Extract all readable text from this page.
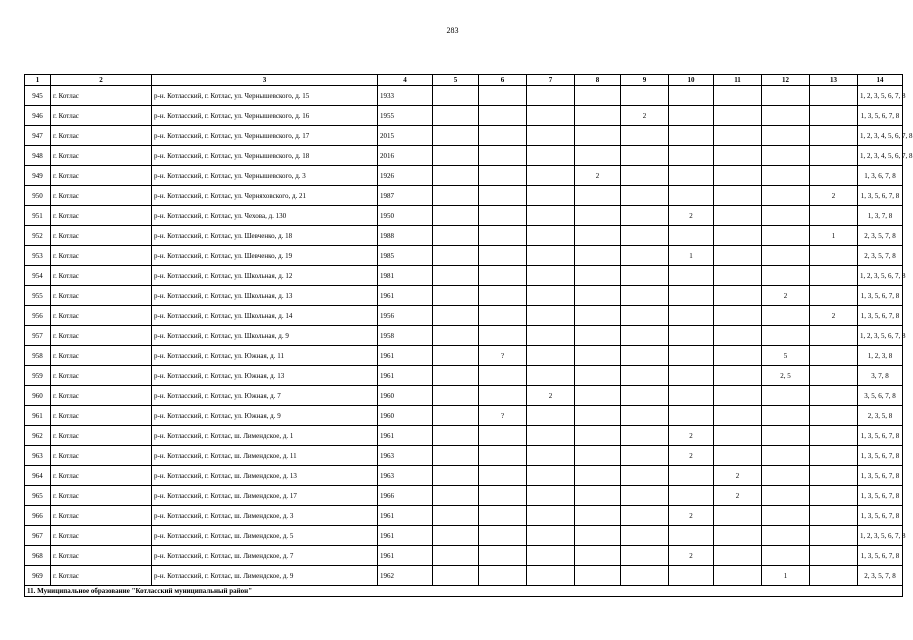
283
1	2	3	4	5	6	7	8	9	10	11	12	13	14
945	г. Котлас	р-н. Котласский, г. Котлас, ул. Чернышевского, д. 15	1933										1, 2, 3, 5, 6, 7, 8
946	г. Котлас	р-н. Котласский, г. Котлас, ул. Чернышевского, д. 16	1955					2					1, 3, 5, 6, 7, 8
947	г. Котлас	р-н. Котласский, г. Котлас, ул. Чернышевского, д. 17	2015										1, 2, 3, 4, 5, 6, 7, 8
948	г. Котлас	р-н. Котласский, г. Котлас, ул. Чернышевского, д. 18	2016										1, 2, 3, 4, 5, 6, 7, 8
949	г. Котлас	р-н. Котласский, г. Котлас, ул. Чернышевского, д. 3	1926				2						1, 3, 6, 7, 8
950	г. Котлас	р-н. Котласский, г. Котлас, ул. Черняховского, д. 21	1987									2	1, 3, 5, 6, 7, 8
951	г. Котлас	р-н. Котласский, г. Котлас, ул. Чехова, д. 130	1950						2				1, 3, 7, 8
952	г. Котлас	р-н. Котласский, г. Котлас, ул. Шевченко, д. 18	1988									1	2, 3, 5, 7, 8
953	г. Котлас	р-н. Котласский, г. Котлас, ул. Шевченко, д. 19	1985						1				2, 3, 5, 7, 8
954	г. Котлас	р-н. Котласский, г. Котлас, ул. Школьная, д. 12	1981										1, 2, 3, 5, 6, 7, 8
955	г. Котлас	р-н. Котласский, г. Котлас, ул. Школьная, д. 13	1961								2		1, 3, 5, 6, 7, 8
956	г. Котлас	р-н. Котласский, г. Котлас, ул. Школьная, д. 14	1956									2	1, 3, 5, 6, 7, 8
957	г. Котлас	р-н. Котласский, г. Котлас, ул. Школьная, д. 9	1958										1, 2, 3, 5, 6, 7, 8
958	г. Котлас	р-н. Котласский, г. Котлас, ул. Южная, д. 11	1961		?						5		1, 2, 3, 8
959	г. Котлас	р-н. Котласский, г. Котлас, ул. Южная, д. 13	1961								2, 5		3, 7, 8
960	г. Котлас	р-н. Котласский, г. Котлас, ул. Южная, д. 7	1960			2							3, 5, 6, 7, 8
961	г. Котлас	р-н. Котласский, г. Котлас, ул. Южная, д. 9	1960		?								2, 3, 5, 8
962	г. Котлас	р-н. Котласский, г. Котлас, ш. Лимендское, д. 1	1961						2				1, 3, 5, 6, 7, 8
963	г. Котлас	р-н. Котласский, г. Котлас, ш. Лимендское, д. 11	1963						2				1, 3, 5, 6, 7, 8
964	г. Котлас	р-н. Котласский, г. Котлас, ш. Лимендское, д. 13	1963							2			1, 3, 5, 6, 7, 8
965	г. Котлас	р-н. Котласский, г. Котлас, ш. Лимендское, д. 17	1966							2			1, 3, 5, 6, 7, 8
966	г. Котлас	р-н. Котласский, г. Котлас, ш. Лимендское, д. 3	1961						2				1, 3, 5, 6, 7, 8
967	г. Котлас	р-н. Котласский, г. Котлас, ш. Лимендское, д. 5	1961										1, 2, 3, 5, 6, 7, 8
968	г. Котлас	р-н. Котласский, г. Котлас, ш. Лимендское, д. 7	1961						2				1, 3, 5, 6, 7, 8
969	г. Котлас	р-н. Котласский, г. Котлас, ш. Лимендское, д. 9	1962								1		2, 3, 5, 7, 8
11. Муниципальное образование "Котласский муниципальный район"													
